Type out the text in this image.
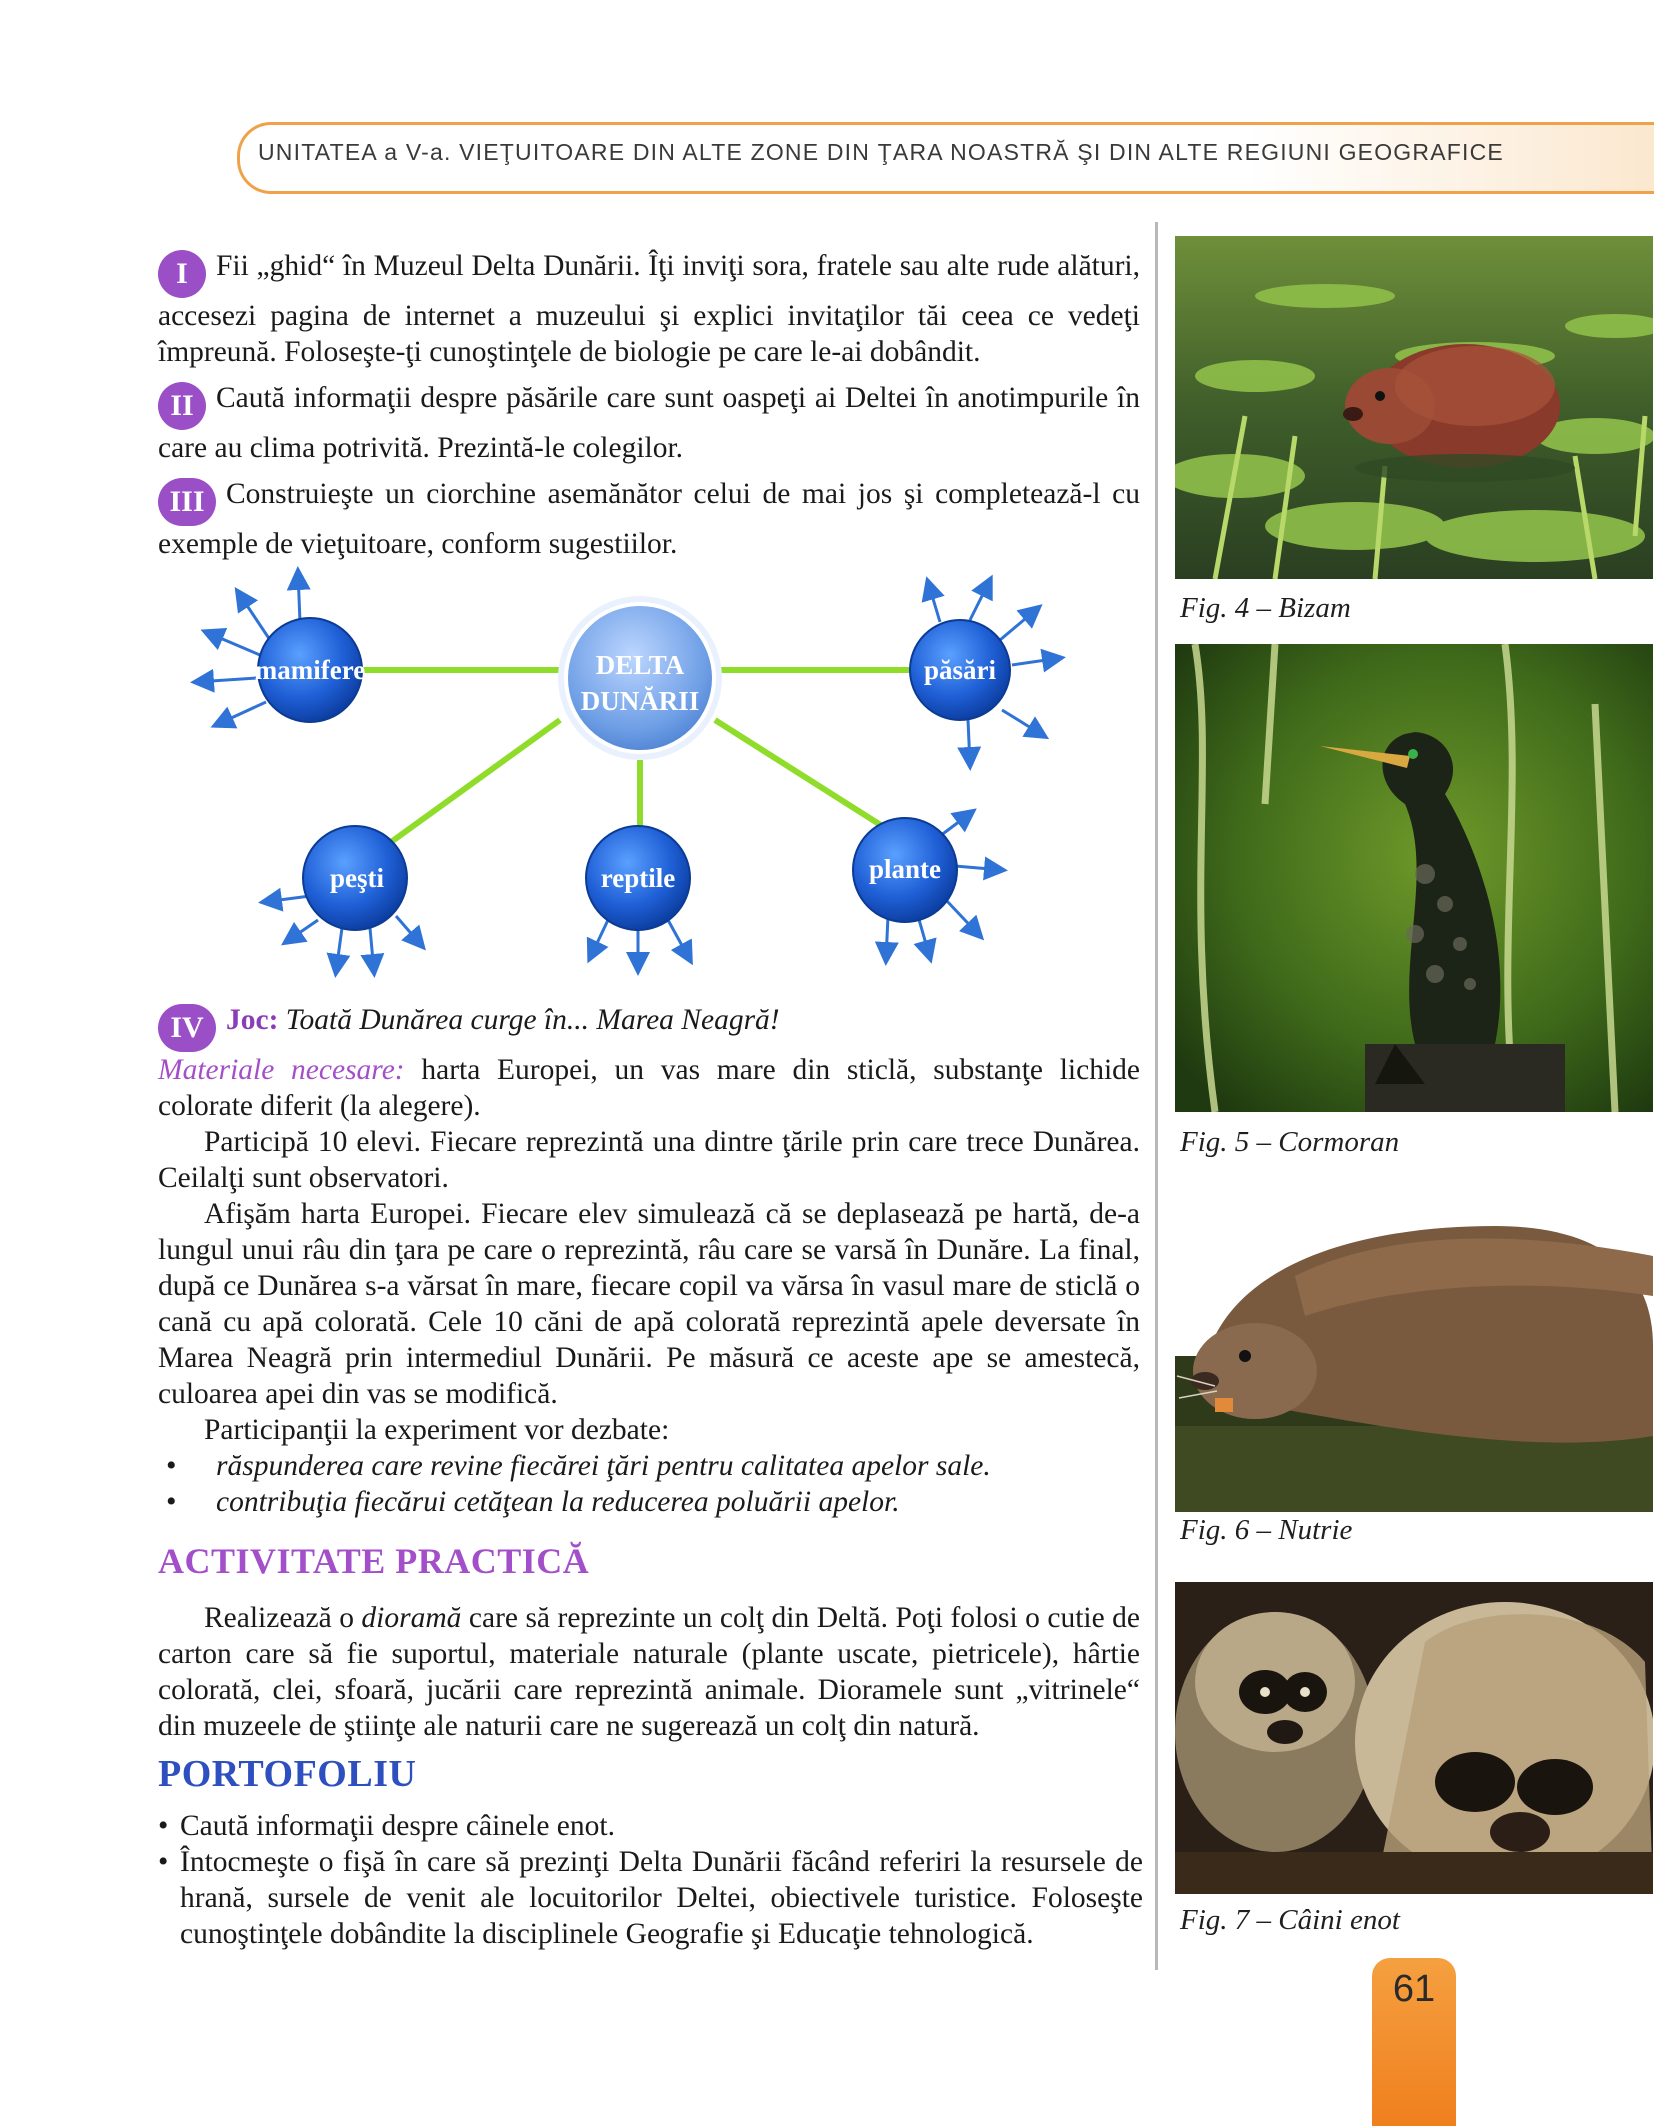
UNITATEA a V-a. VIEŢUITOARE DIN ALTE ZONE DIN ŢARA NOASTRĂ ŞI DIN ALTE REGIUNI GEOGRAFICE
I Fii „ghid“ în Muzeul Delta Dunării. Îţi inviţi sora, fratele sau alte rude alături, accesezi pagina de internet a muzeului şi explici invitaţilor tăi ceea ce vedeţi împreună. Foloseşte-ţi cunoştinţele de biologie pe care le-ai dobândit.
II Caută informaţii despre păsările care sunt oaspeţi ai Deltei în anotimpurile în care au clima potrivită. Prezintă-le colegilor.
III Construieşte un ciorchine asemănător celui de mai jos şi completează-l cu exemple de vieţuitoare, conform sugestiilor.
mamifere	păsări
DELTA
DUNĂRII
peşti	reptile	plante
IV Joc: Toată Dunărea curge în... Marea Neagră!
Materiale necesare: harta Europei, un vas mare din sticlă, substanţe lichide colorate diferit (la alegere).
Participă 10 elevi. Fiecare reprezintă una dintre ţările prin care trece Dunărea. Ceilalţi sunt observatori.
Afişăm harta Europei. Fiecare elev simulează că se deplasează pe hartă, de-a lungul unui râu din ţara pe care o reprezintă, râu care se varsă în Dunăre. La final, după ce Dunărea s-a vărsat în mare, fiecare copil va vărsa în vasul mare de sticlă o cană cu apă colorată. Cele 10 căni de apă colorată reprezintă apele deversate în Marea Neagră prin intermediul Dunării. Pe măsură ce aceste ape se amestecă, culoarea apei din vas se modifică.
Participanţii la experiment vor dezbate:
• răspunderea care revine fiecărei ţări pentru calitatea apelor sale.
• contribuţia fiecărui cetăţean la reducerea poluării apelor.
ACTIVITATE PRACTICĂ
Realizează o dioramă care să reprezinte un colţ din Deltă. Poţi folosi o cutie de carton care să fie suportul, materiale naturale (plante uscate, pietricele), hârtie colorată, clei, sfoară, jucării care reprezintă animale. Dioramele sunt „vitrinele“ din muzeele de ştiinţe ale naturii care ne sugerează un colţ din natură.
PORTOFOLIU
• Caută informaţii despre câinele enot.
• Întocmeşte o fişă în care să prezinţi Delta Dunării făcând referiri la resursele de hrană, sursele de venit ale locuitorilor Deltei, obiectivele turistice. Foloseşte cunoştinţele dobândite la disciplinele Geografie şi Educaţie tehnologică.
Fig. 4 – Bizam
Fig. 5 – Cormoran
Fig. 6 – Nutrie
Fig. 7 – Câini enot
61
